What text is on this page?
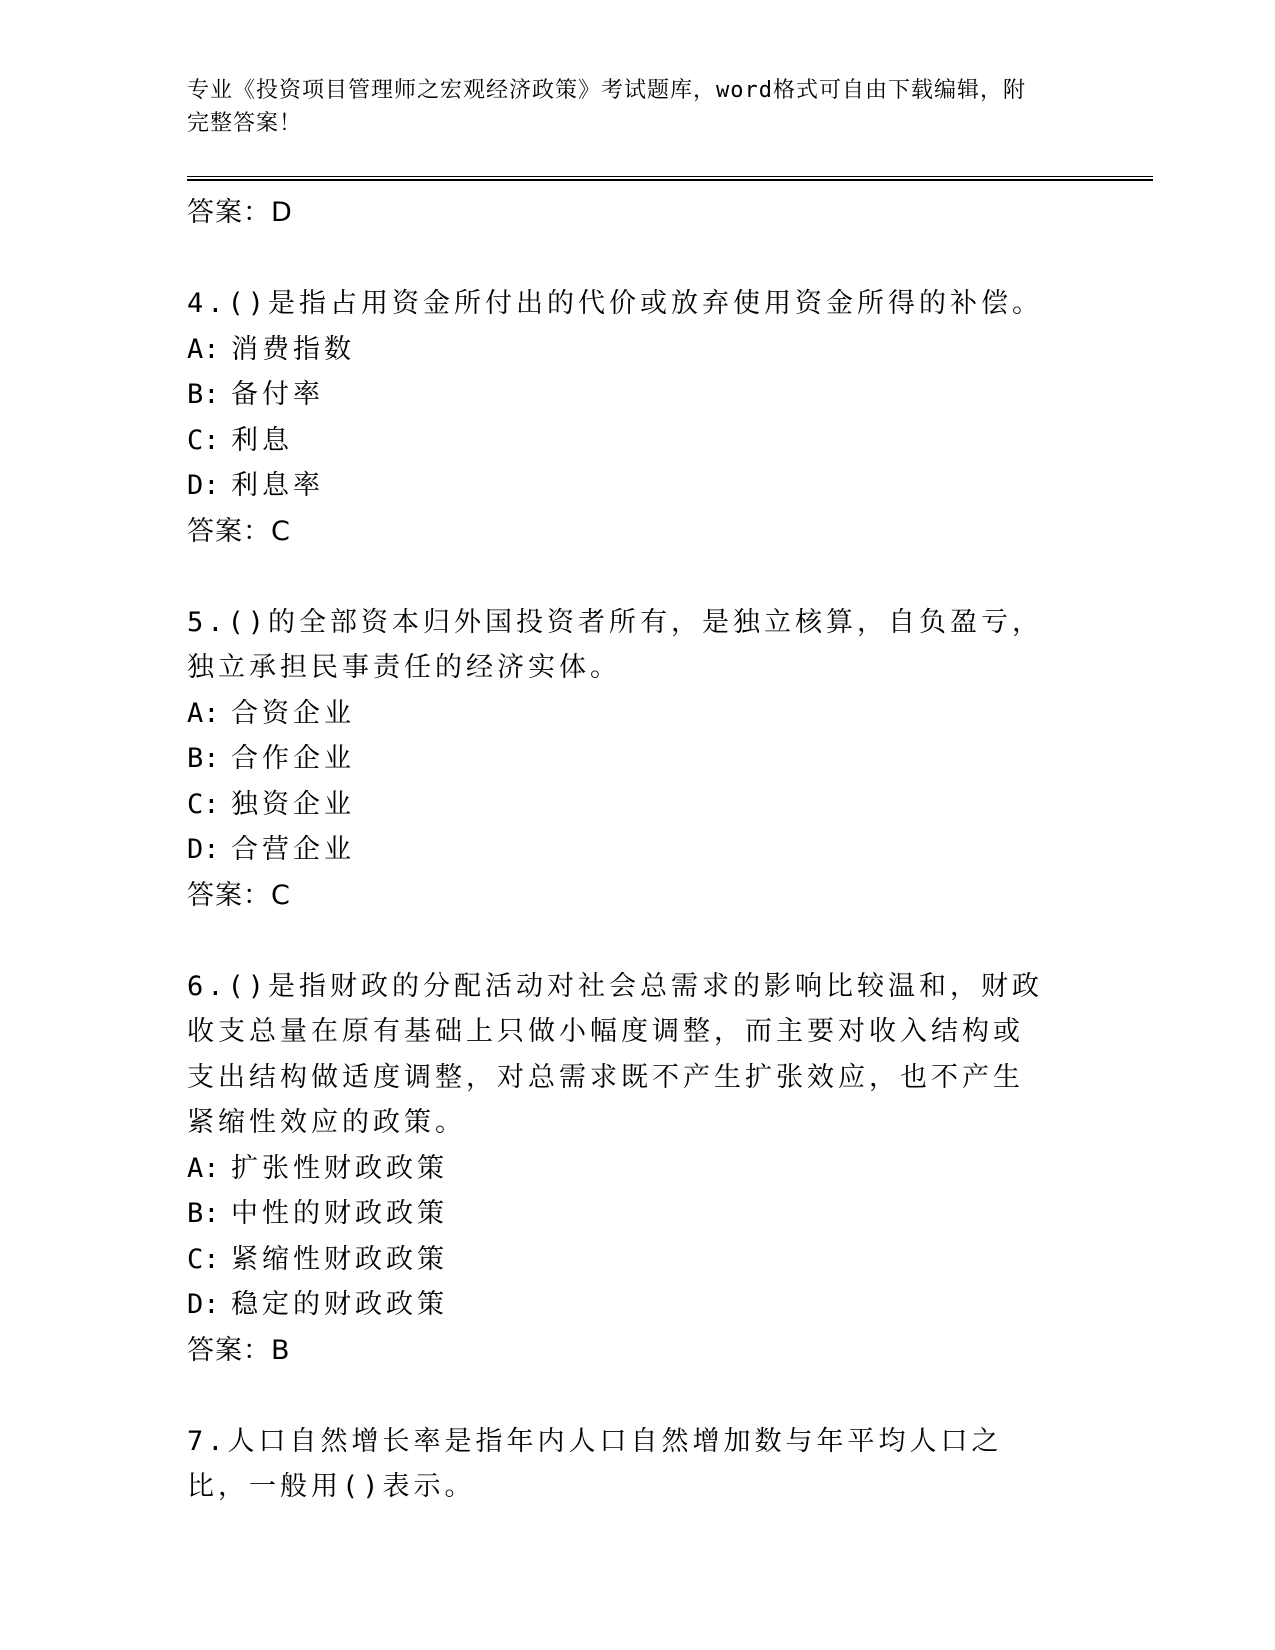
专业《投资项目管理师之宏观经济政策》考试题库，word格式可自由下载编辑，附完整答案！
答案：D

4.()是指占用资金所付出的代价或放弃使用资金所得的补偿。

A: 消费指数
B: 备付率
C: 利息
D: 利息率
答案：C

5.()的全部资本归外国投资者所有，是独立核算，自负盈亏，独立承担民事责任的经济实体。

A: 合资企业
B: 合作企业
C: 独资企业
D: 合营企业
答案：C

6.()是指财政的分配活动对社会总需求的影响比较温和，财政收支总量在原有基础上只做小幅度调整，而主要对收入结构或支出结构做适度调整，对总需求既不产生扩张效应，也不产生紧缩性效应的政策。

A: 扩张性财政政策
B: 中性的财政政策
C: 紧缩性财政政策
D: 稳定的财政政策
答案：B

7.人口自然增长率是指年内人口自然增加数与年平均人口之比，一般用()表示。
